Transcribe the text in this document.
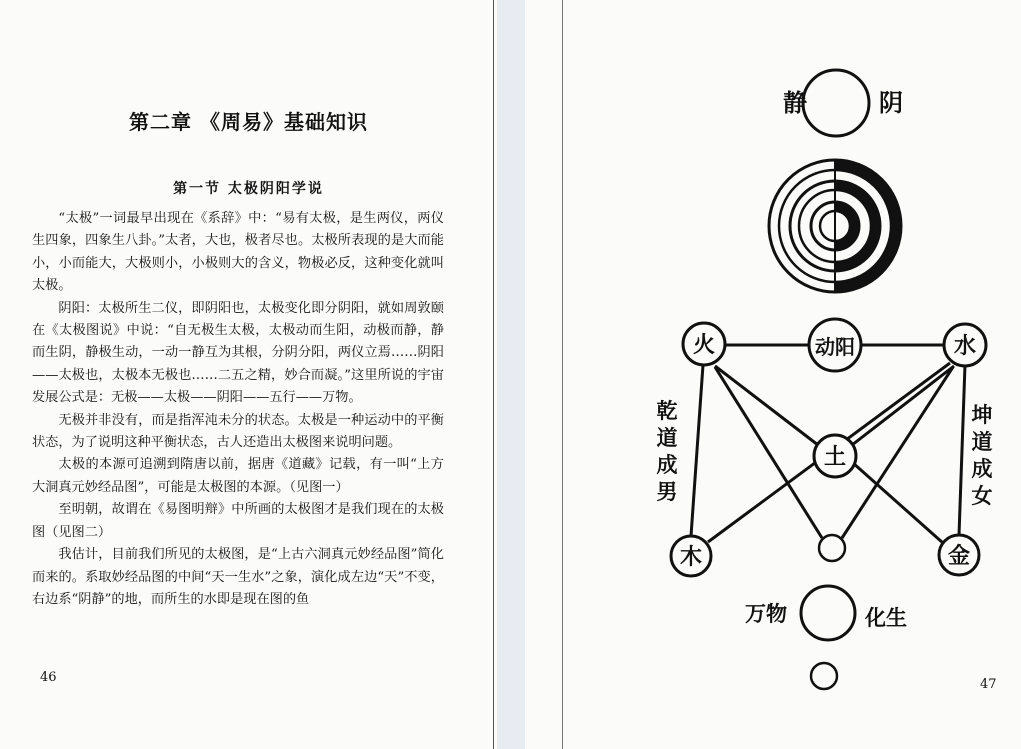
第二章 《周易》基础知识
第一节 太极阴阳学说

“太极”一词最早出现在《系辞》中：“易有太极，是生两仪，两仪生四象，四象生八卦。”太者，大也，极者尽也。太极所表现的是大而能小，小而能大，大极则小，小极则大的含义，物极必反，这种变化就叫太极。

阴阳：太极所生二仪，即阴阳也，太极变化即分阴阳，就如周敦颐在《太极图说》中说：“自无极生太极，太极动而生阳，动极而静，静而生阴，静极生动，一动一静互为其根，分阴分阳，两仪立焉……阴阳——太极也，太极本无极也……二五之精，妙合而凝。”这里所说的宇宙发展公式是：无极——太极——阴阳——五行——万物。

无极并非没有，而是指浑沌未分的状态。太极是一种运动中的平衡状态，为了说明这种平衡状态，古人还造出太极图来说明问题。

太极的本源可追溯到隋唐以前，据唐《道藏》记载，有一叫“上方大洞真元妙经品图”，可能是太极图的本源。（见图一）

至明朝，故谓在《易图明辩》中所画的太极图才是我们现在的太极图（见图二）

我估计，目前我们所见的太极图，是“上古六洞真元妙经品图”简化而来的。系取妙经品图的中间“天一生水”之象，演化成左边“天”不变，右边系“阴静”的地，而所生的水即是现在图的鱼

46
静	阴
动阳
火	水
土
木	金
乾
道
成
男
坤
道
成
女
万物	化生
47
